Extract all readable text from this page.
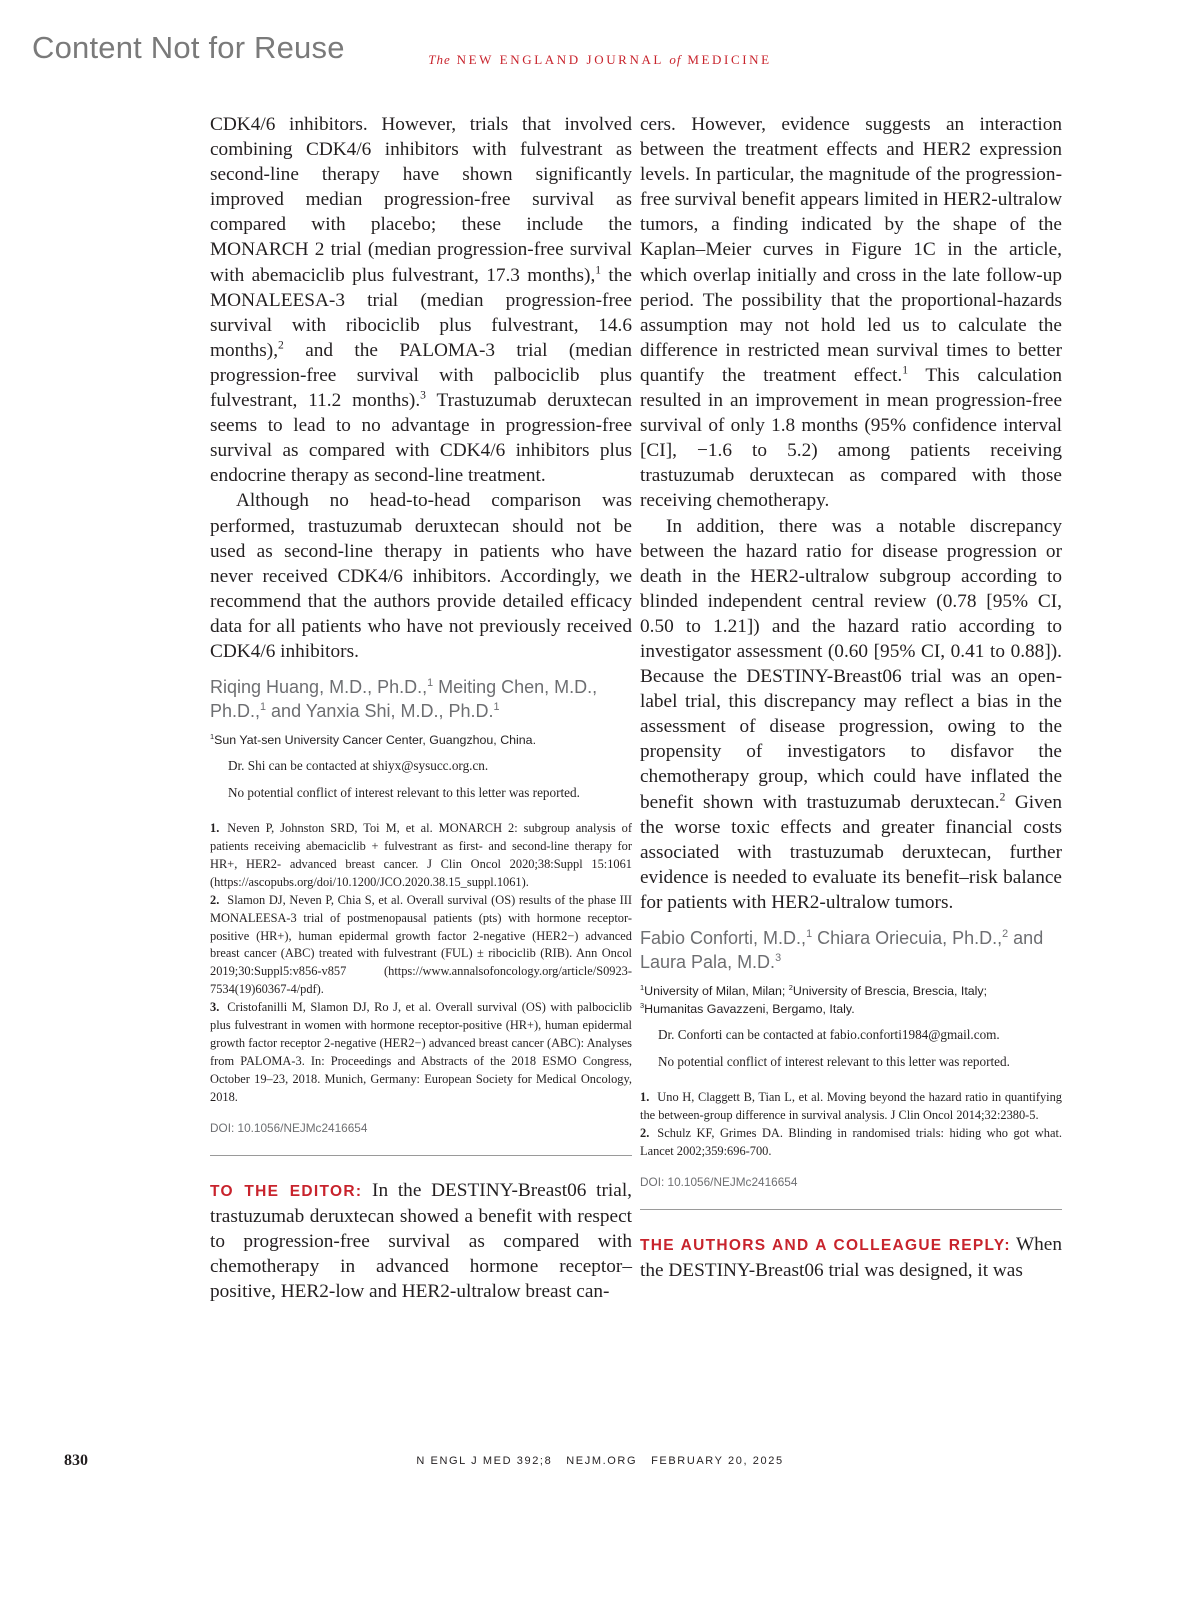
Content Not for Reuse	The NEW ENGLAND JOURNAL of MEDICINE

CDK4/6 inhibitors. However, trials that involved combining CDK4/6 inhibitors with fulvestrant as second-line therapy have shown significantly improved median progression-free survival as compared with placebo; these include the MONARCH 2 trial (median progression-free survival with abemaciclib plus fulvestrant, 17.3 months),$^1$ the MONALEESA-3 trial (median progression-free survival with ribociclib plus fulvestrant, 14.6 months),$^2$ and the PALOMA-3 trial (median progression-free survival with palbociclib plus fulvestrant, 11.2 months).$^3$ Trastuzumab deruxtecan seems to lead to no advantage in progression-free survival as compared with CDK4/6 inhibitors plus endocrine therapy as second-line treatment.

Although no head-to-head comparison was performed, trastuzumab deruxtecan should not be used as second-line therapy in patients who have never received CDK4/6 inhibitors. Accordingly, we recommend that the authors provide detailed efficacy data for all patients who have not previously received CDK4/6 inhibitors.

Riqing Huang, M.D., Ph.D.,$^1$ Meiting Chen, M.D., Ph.D.,$^1$ and Yanxia Shi, M.D., Ph.D.$^1$

$^1$Sun Yat-sen University Cancer Center, Guangzhou, China.

Dr. Shi can be contacted at shiyx@sysucc.org.cn.

No potential conflict of interest relevant to this letter was reported.

1. Neven P, Johnston SRD, Toi M, et al. MONARCH 2: subgroup analysis of patients receiving abemaciclib + fulvestrant as first- and second-line therapy for HR+, HER2- advanced breast cancer. J Clin Oncol 2020;38:Suppl 15:1061 (https://ascopubs.org/doi/10.1200/JCO.2020.38.15_suppl.1061).

2. Slamon DJ, Neven P, Chia S, et al. Overall survival (OS) results of the phase III MONALEESA-3 trial of postmenopausal patients (pts) with hormone receptor-positive (HR+), human epidermal growth factor 2-negative (HER2−) advanced breast cancer (ABC) treated with fulvestrant (FUL) ± ribociclib (RIB). Ann Oncol 2019;30:Suppl5:v856-v857 (https://www.annalsofoncology.org/article/S0923-7534(19)60367-4/pdf).

3. Cristofanilli M, Slamon DJ, Ro J, et al. Overall survival (OS) with palbociclib plus fulvestrant in women with hormone receptor-positive (HR+), human epidermal growth factor receptor 2-negative (HER2−) advanced breast cancer (ABC): Analyses from PALOMA-3. In: Proceedings and Abstracts of the 2018 ESMO Congress, October 19–23, 2018. Munich, Germany: European Society for Medical Oncology, 2018.

DOI: 10.1056/NEJMc2416654

TO THE EDITOR: In the DESTINY-Breast06 trial, trastuzumab deruxtecan showed a benefit with respect to progression-free survival as compared with chemotherapy in advanced hormone receptor–positive, HER2-low and HER2-ultralow breast can-

cers. However, evidence suggests an interaction between the treatment effects and HER2 expression levels. In particular, the magnitude of the progression-free survival benefit appears limited in HER2-ultralow tumors, a finding indicated by the shape of the Kaplan–Meier curves in Figure 1C in the article, which overlap initially and cross in the late follow-up period. The possibility that the proportional-hazards assumption may not hold led us to calculate the difference in restricted mean survival times to better quantify the treatment effect.$^1$ This calculation resulted in an improvement in mean progression-free survival of only 1.8 months (95% confidence interval [CI], −1.6 to 5.2) among patients receiving trastuzumab deruxtecan as compared with those receiving chemotherapy.

In addition, there was a notable discrepancy between the hazard ratio for disease progression or death in the HER2-ultralow subgroup according to blinded independent central review (0.78 [95% CI, 0.50 to 1.21]) and the hazard ratio according to investigator assessment (0.60 [95% CI, 0.41 to 0.88]). Because the DESTINY-Breast06 trial was an open-label trial, this discrepancy may reflect a bias in the assessment of disease progression, owing to the propensity of investigators to disfavor the chemotherapy group, which could have inflated the benefit shown with trastuzumab deruxtecan.$^2$ Given the worse toxic effects and greater financial costs associated with trastuzumab deruxtecan, further evidence is needed to evaluate its benefit–risk balance for patients with HER2-ultralow tumors.

Fabio Conforti, M.D.,$^1$ Chiara Oriecuia, Ph.D.,$^2$ and Laura Pala, M.D.$^3$

$^1$University of Milan, Milan; $^2$University of Brescia, Brescia, Italy;
$^3$Humanitas Gavazzeni, Bergamo, Italy.

Dr. Conforti can be contacted at fabio.conforti1984@gmail.com.

No potential conflict of interest relevant to this letter was reported.

1. Uno H, Claggett B, Tian L, et al. Moving beyond the hazard ratio in quantifying the between-group difference in survival analysis. J Clin Oncol 2014;32:2380-5.

2. Schulz KF, Grimes DA. Blinding in randomised trials: hiding who got what. Lancet 2002;359:696-700.

DOI: 10.1056/NEJMc2416654

THE AUTHORS AND A COLLEAGUE REPLY: When the DESTINY-Breast06 trial was designed, it was

830	N ENGL J MED 392;8   NEJM.ORG   FEBRUARY 20, 2025
